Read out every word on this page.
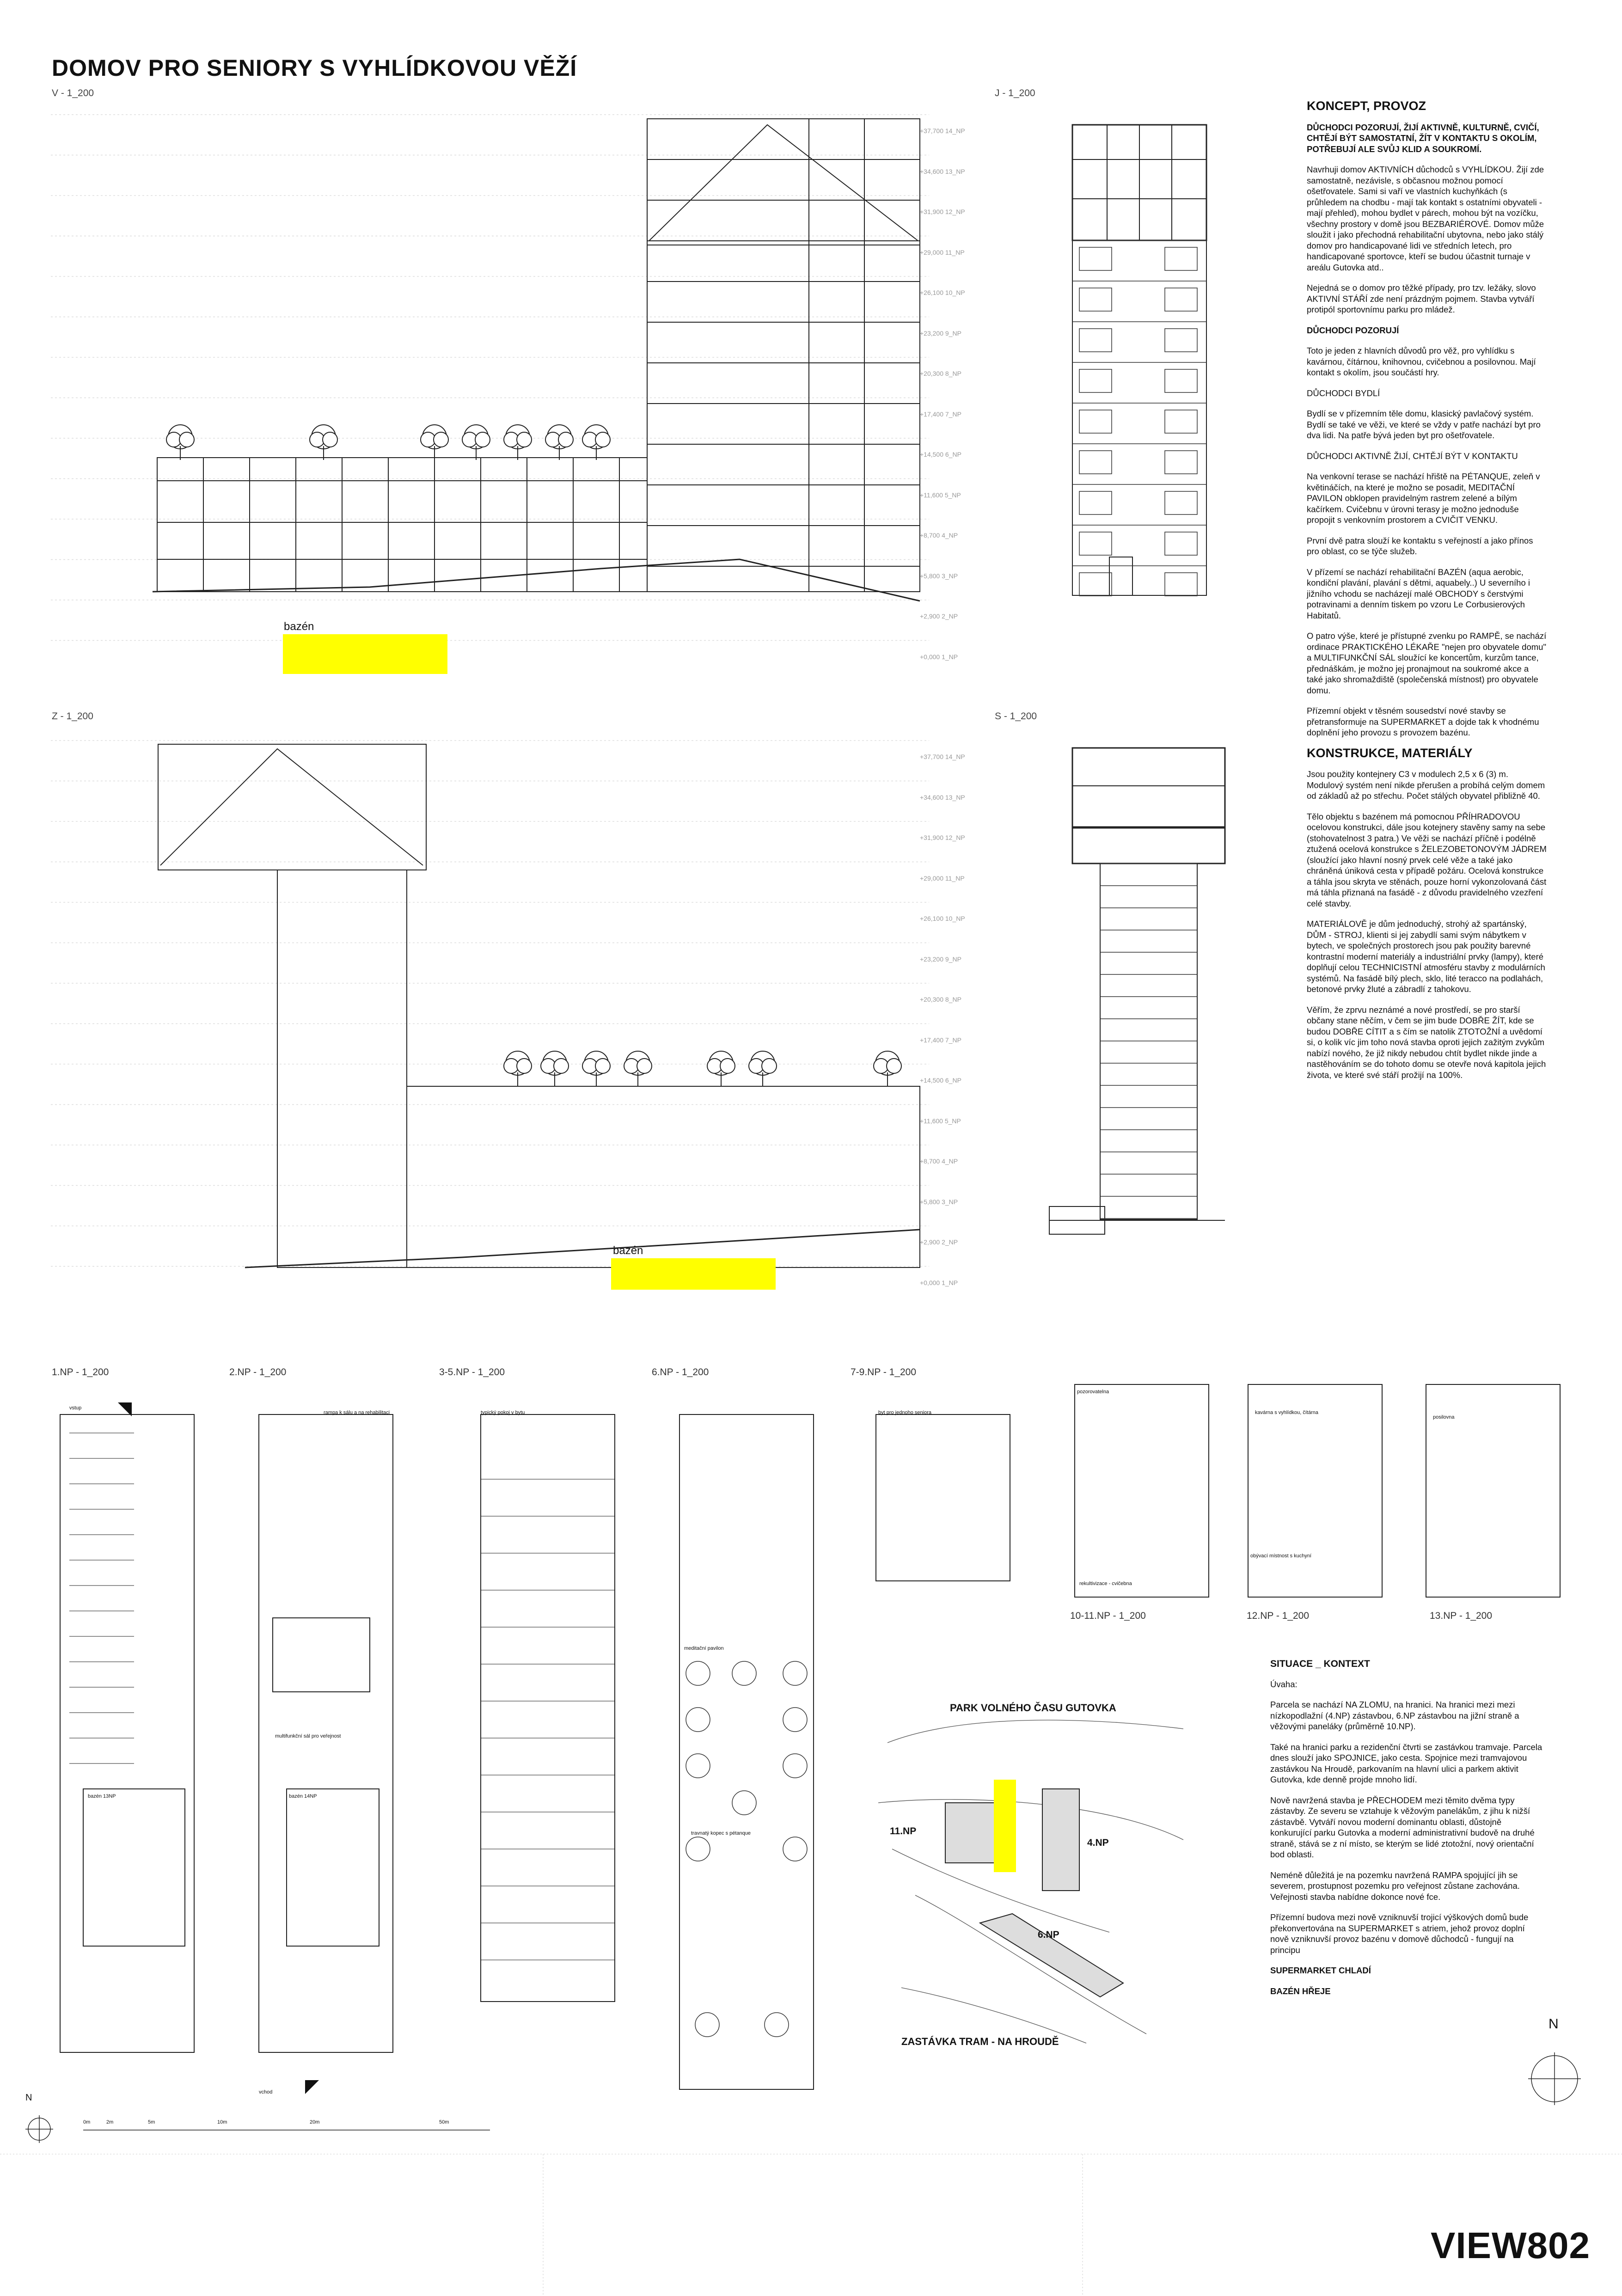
DOMOV PRO SENIORY S VYHLÍDKOVOU VĚŽÍ
V - 1_200	J - 1_200
Z - 1_200	S - 1_200
+37,700 14_NP
+34,600 13_NP
+31,900 12_NP
+29,000 11_NP
+26,100 10_NP
+23,200 9_NP
+20,300 8_NP
+17,400 7_NP
+14,500 6_NP
+11,600 5_NP
+8,700 4_NP
+5,800 3_NP
+2,900 2_NP
+0,000 1_NP
+37,700 14_NP
+34,600 13_NP
+31,900 12_NP
+29,000 11_NP
+26,100 10_NP
+23,200 9_NP
+20,300 8_NP
+17,400 7_NP
+14,500 6_NP
+11,600 5_NP
+8,700 4_NP
+5,800 3_NP
+2,900 2_NP
+0,000 1_NP
bazén
bazén
1.NP - 1_200	2.NP - 1_200	3-5.NP - 1_200	6.NP - 1_200	7-9.NP - 1_200
10-11.NP - 1_200	12.NP - 1_200	13.NP - 1_200
vstup
vchod
bazén 13NP	bazén 14NP
multifunkční sál pro veřejnost
meditační pavilon
travnatý kopec s pétanque
rampa k sálu a na rehabilitaci	typický pokoj v bytu	byt pro jednoho seniora	kavárna s vyhlídkou, čítárna
posilovna
pozorovatelna
rekultivizace - cvičebna
obývací místnost s kuchyní
PARK VOLNÉHO ČASU GUTOVKA
ZASTÁVKA TRAM - NA HROUDĚ
11.NP
4.NP
6.NP
N
N
0m	2m	5m	10m	20m	50m
KONCEPT, PROVOZ

DŮCHODCI POZORUJÍ, ŽIJÍ AKTIVNĚ, KULTURNĚ, CVIČÍ, CHTĚJÍ BÝT SAMOSTATNÍ, ŽÍT V KONTAKTU S OKOLÍM, POTŘEBUJÍ ALE SVŮJ KLID A SOUKROMÍ.

Navrhuji domov AKTIVNÍCH důchodců s VYHLÍDKOU. Žijí zde samostatně, nezávisle, s občasnou možnou pomocí ošetřovatele. Sami si vaří ve vlastních kuchyňkách (s průhledem na chodbu - mají tak kontakt s ostatními obyvateli - mají přehled), mohou bydlet v párech, mohou být na vozíčku, všechny prostory v domě jsou BEZBARIÉROVÉ. Domov může sloužit i jako přechodná rehabilitační ubytovna, nebo jako stálý domov pro handicapované lidi ve středních letech, pro handicapované sportovce, kteří se budou účastnit turnaje v areálu Gutovka atd..

Nejedná se o domov pro těžké případy, pro tzv. ležáky, slovo AKTIVNÍ STÁŘÍ zde není prázdným pojmem. Stavba vytváří protipól sportovnímu parku pro mládež.

DŮCHODCI POZORUJÍ

Toto je jeden z hlavních důvodů pro věž, pro vyhlídku s kavárnou, čítárnou, knihovnou, cvičebnou a posilovnou. Mají kontakt s okolím, jsou součástí hry.

DŮCHODCI BYDLÍ

Bydlí se v přízemním těle domu, klasický pavlačový systém. Bydlí se také ve věži, ve které se vždy v patře nachází byt pro dva lidi. Na patře bývá jeden byt pro ošetřovatele.

DŮCHODCI AKTIVNĚ ŽIJÍ, CHTĚJÍ BÝT V KONTAKTU

Na venkovní terase se nachází hřiště na PÉTANQUE, zeleň v květináčích, na které je možno se posadit, MEDITAČNÍ PAVILON obklopen pravidelným rastrem zelené a bílým kačírkem. Cvičebnu v úrovni terasy je možno jednoduše propojit s venkovním prostorem a CVIČIT VENKU.

První dvě patra slouží ke kontaktu s veřejností a jako přínos pro oblast, co se týče služeb.

V přízemí se nachází rehabilitační BAZÉN (aqua aerobic, kondiční plavání, plavání s dětmi, aquabely..) U severního i jižního vchodu se nacházejí malé OBCHODY s čerstvými potravinami a denním tiskem po vzoru Le Corbusierových Habitatů.

O patro výše, které je přístupné zvenku po RAMPĚ, se nachází ordinace PRAKTICKÉHO LÉKAŘE "nejen pro obyvatele domu" a MULTIFUNKČNÍ SÁL sloužící ke koncertům, kurzům tance, přednáškám, je možno jej pronajmout na soukromé akce a také jako shromaždiště (společenská místnost) pro obyvatele domu.

Přízemní objekt v těsném sousedství nové stavby se přetransformuje na SUPERMARKET a dojde tak k vhodnému doplnění jeho provozu s provozem bazénu.

KONSTRUKCE, MATERIÁLY

Jsou použity kontejnery C3 v modulech 2,5 x 6 (3) m. Modulový systém není nikde přerušen a probíhá celým domem od základů až po střechu. Počet stálých obyvatel přibližně 40.

Tělo objektu s bazénem má pomocnou PŘÍHRADOVOU ocelovou konstrukci, dále jsou kotejnery stavěny samy na sebe (stohovatelnost 3 patra.) Ve věži se nachází příčně i podélně ztužená ocelová konstrukce s ŽELEZOBETONOVÝM JÁDREM (sloužící jako hlavní nosný prvek celé věže a také jako chráněná úniková cesta v případě požáru. Ocelová konstrukce a táhla jsou skryta ve stěnách, pouze horní vykonzolovaná část má táhla přiznaná na fasádě - z důvodu pravidelného vzezření celé stavby.

MATERIÁLOVĚ je dům jednoduchý, strohý až spartánský, DŮM - STROJ, klienti si jej zabydlí sami svým nábytkem v bytech, ve společných prostorech jsou pak použity barevné kontrastní moderní materiály a industriální prvky (lampy), které doplňují celou TECHNICISTNÍ atmosféru stavby z modulárních systémů. Na fasádě bílý plech, sklo, lité teracco na podlahách, betonové prvky žluté a zábradlí z tahokovu.

Věřím, že zprvu neznámé a nové prostředí, se pro starší občany stane něčím, v čem se jim bude DOBŘE ŽÍT, kde se budou DOBŘE CÍTIT a s čím se natolik ZTOTOŽNÍ a uvědomí si, o kolik víc jim toho nová stavba oproti jejich zažitým zvykům nabízí nového, že již nikdy nebudou chtít bydlet nikde jinde a nastěhováním se do tohoto domu se otevře nová kapitola jejich života, ve které své stáří prožijí na 100%.

SITUACE _ KONTEXT

Úvaha:

Parcela se nachází NA ZLOMU, na hranici. Na hranici mezi mezi nízkopodlažní (4.NP) zástavbou, 6.NP zástavbou na jižní straně a věžovými paneláky (průměrně 10.NP).

Také na hranici parku a rezidenční čtvrti se zastávkou tramvaje. Parcela dnes slouží jako SPOJNICE, jako cesta. Spojnice mezi tramvajovou zastávkou Na Hroudě, parkovaním na hlavní ulici a parkem aktivit Gutovka, kde denně projde mnoho lidí.

Nově navržená stavba je PŘECHODEM mezi těmito dvěma typy zástavby. Ze severu se vztahuje k věžovým panelákům, z jihu k nižší zástavbě. Vytváří novou moderní dominantu oblasti, důstojně konkurující parku Gutovka a moderní administrativní budově na druhé straně, stává se z ní místo, se kterým se lidé ztotožní, nový orientační bod oblasti.

Neméně důležitá je na pozemku navržená RAMPA spojující jih se severem, prostupnost pozemku pro veřejnost zůstane zachována. Veřejnosti stavba nabídne dokonce nové fce.

Přízemní budova mezi nově vzniknuvší trojicí výškových domů bude překonvertována na SUPERMARKET s atriem, jehož provoz doplní nově vzniknuvší provoz bazénu v domově důchodců - fungují na principu

SUPERMARKET CHLADÍ

BAZÉN HŘEJE

VIEW802
